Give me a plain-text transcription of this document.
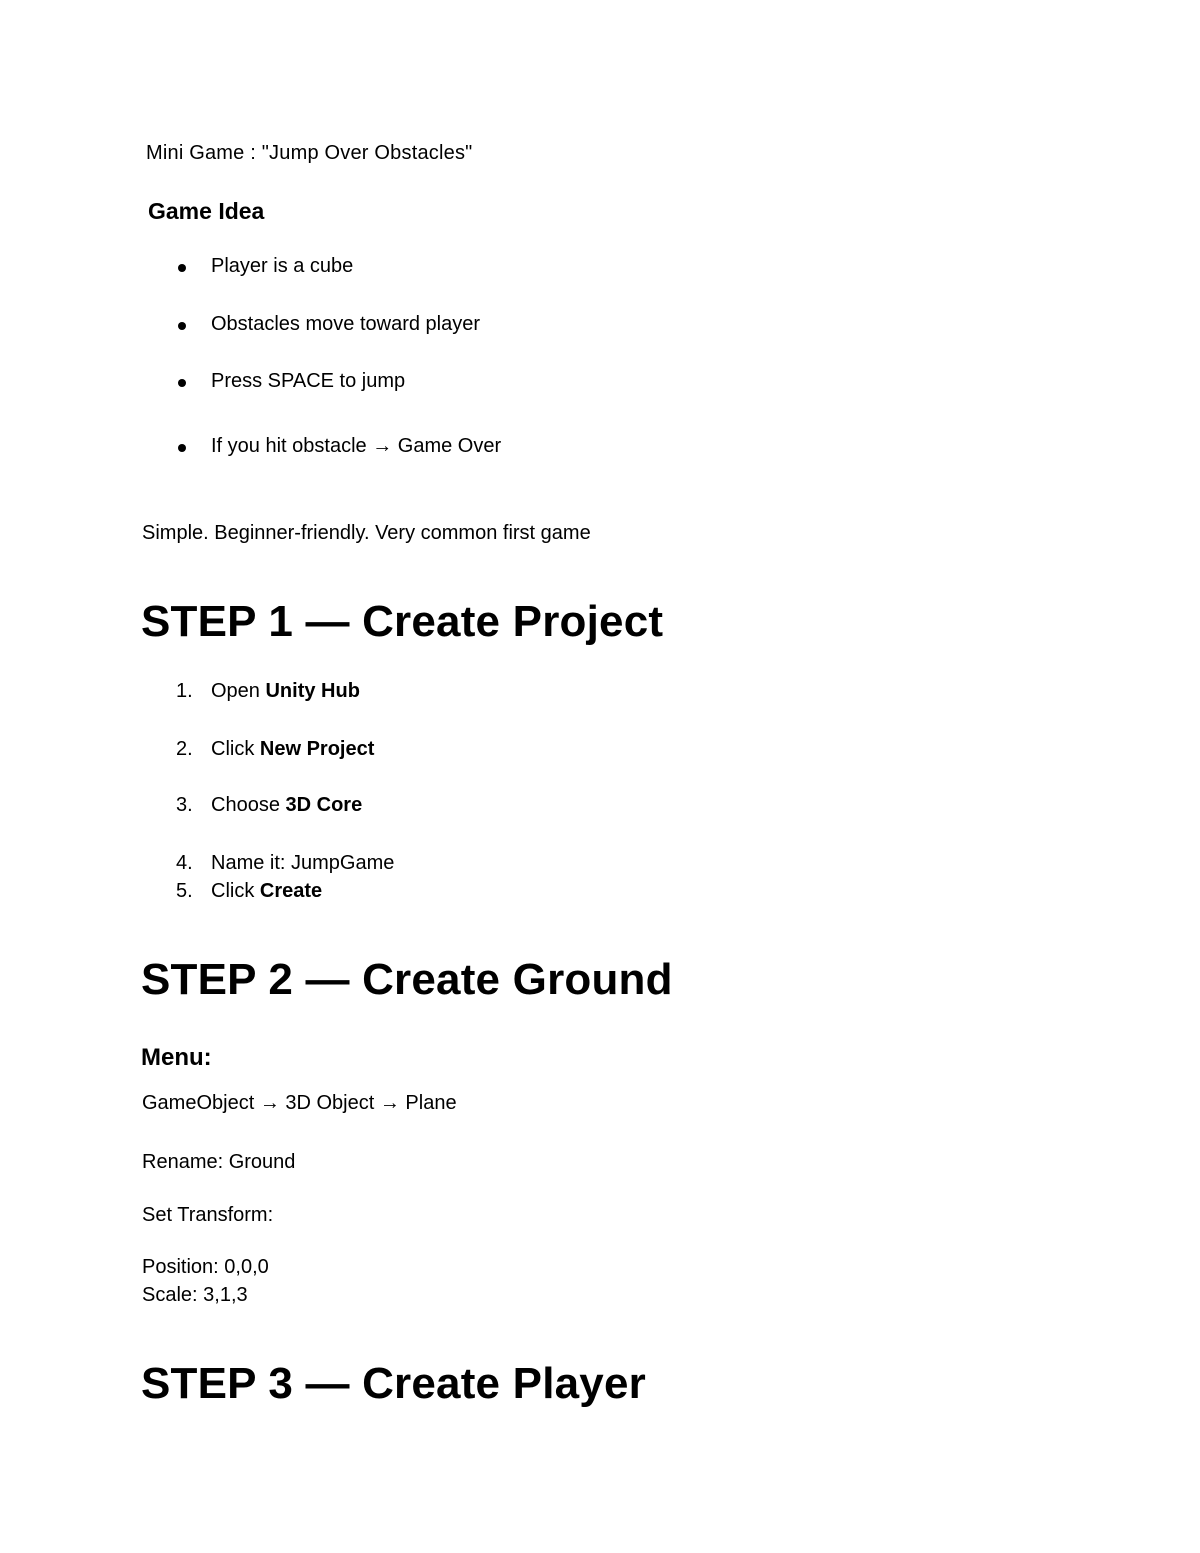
Mini Game : "Jump Over Obstacles"
Game Idea
Player is a cube
Obstacles move toward player
Press SPACE to jump
If you hit obstacle → Game Over
Simple. Beginner-friendly. Very common first game
STEP 1 — Create Project
1. Open Unity Hub
2. Click New Project
3. Choose 3D Core
4. Name it: JumpGame
5. Click Create
STEP 2 — Create Ground
Menu:
GameObject → 3D Object → Plane
Rename: Ground
Set Transform:
Position: 0,0,0
Scale: 3,1,3
STEP 3 — Create Player
